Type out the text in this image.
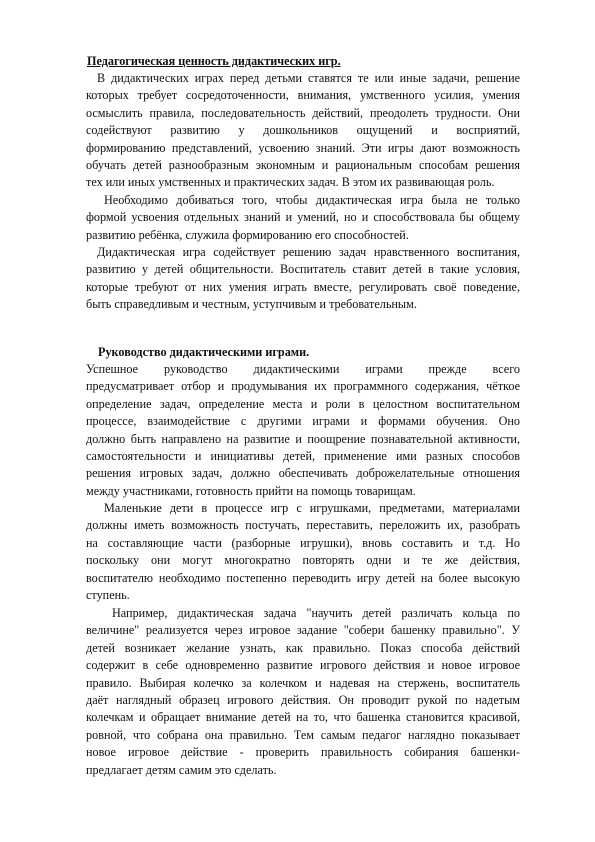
Педагогическая ценность дидактических игр.
В дидактических играх перед детьми ставятся те или иные задачи, решение
которых требует сосредоточенности, внимания, умственного усилия, умения
осмыслить правила, последовательность действий, преодолеть трудности. Они
содействуют развитию у дошкольников ощущений и восприятий,
формированию представлений, усвоению знаний. Эти игры дают возможность
обучать детей разнообразным экономным и рациональным способам решения
тех или иных умственных и практических задач. В этом их развивающая роль.
Необходимо добиваться того, чтобы дидактическая игра была не только
формой усвоения отдельных знаний и умений, но и способствовала бы общему
развитию ребёнка, служила формированию его способностей.
Дидактическая игра содействует решению задач нравственного воспитания,
развитию у детей общительности. Воспитатель ставит детей в такие условия,
которые требуют от них умения играть вместе, регулировать своё поведение,
быть справедливым и честным, уступчивым и требовательным.
Руководство дидактическими играми.
Успешное руководство дидактическими играми прежде всего
предусматривает отбор и продумывания их программного содержания, чёткое
определение задач, определение места и роли в целостном воспитательном
процессе, взаимодействие с другими играми и формами обучения. Оно
должно быть направлено на развитие и поощрение познавательной активности,
самостоятельности и инициативы детей, применение ими разных способов
решения игровых задач, должно обеспечивать доброжелательные отношения
между участниками, готовность прийти на помощь товарищам.
Маленькие дети в процессе игр с игрушками, предметами, материалами
должны иметь возможность постучать, переставить, переложить их, разобрать
на составляющие части (разборные игрушки), вновь составить и т.д. Но
поскольку они могут многократно повторять одни и те же действия,
воспитателю необходимо постепенно переводить игру детей на более высокую
ступень.
Например, дидактическая задача "научить детей различать кольца по
величине" реализуется через игровое задание "собери башенку правильно". У
детей возникает желание узнать, как правильно. Показ способа действий
содержит в себе одновременно развитие игрового действия и новое игровое
правило. Выбирая колечко за колечком и надевая на стержень, воспитатель
даёт наглядный образец игрового действия. Он проводит рукой по надетым
колечкам и обращает внимание детей на то, что башенка становится красивой,
ровной, что собрана она правильно. Тем самым педагог наглядно показывает
новое игровое действие - проверить правильность собирания башенки-
предлагает детям самим это сделать.
